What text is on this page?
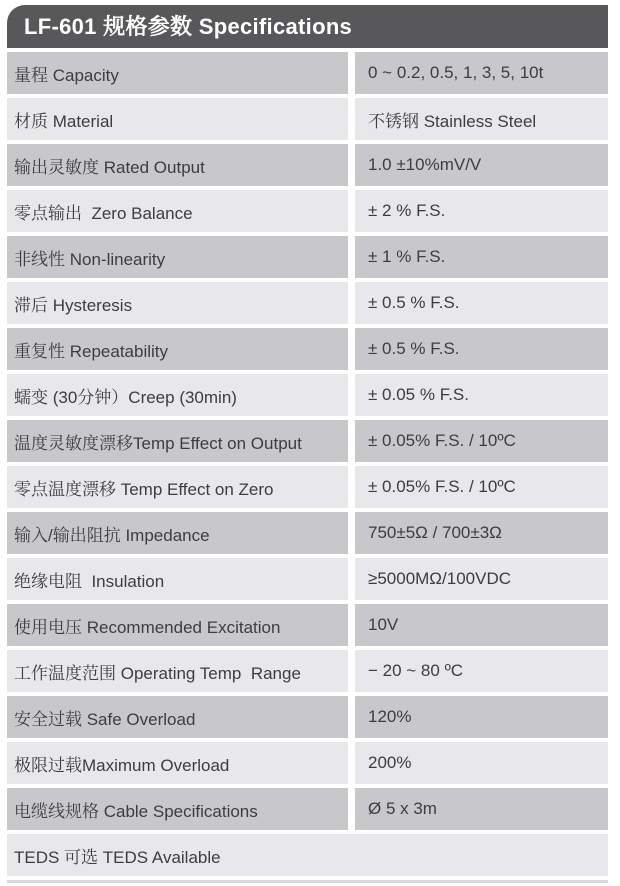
LF-601 规格参数 Specifications
量程 Capacity	0 ~ 0.2, 0.5, 1, 3, 5, 10t
材质 Material	不锈钢 Stainless Steel
输出灵敏度 Rated Output	1.0 ±10%mV/V
零点输出  Zero Balance	± 2 % F.S.
非线性 Non-linearity	± 1 % F.S.
滞后 Hysteresis	± 0.5 % F.S.
重复性 Repeatability	± 0.5 % F.S.
蠕变 (30分钟）Creep (30min)	± 0.05 % F.S.
温度灵敏度漂移Temp Effect on Output	± 0.05% F.S. / 10ºC
零点温度漂移 Temp Effect on Zero	± 0.05% F.S. / 10ºC
输入/输出阻抗 Impedance	750±5Ω / 700±3Ω
绝缘电阻  Insulation	≥5000MΩ/100VDC
使用电压 Recommended Excitation	10V
工作温度范围 Operating Temp  Range	− 20 ~ 80 ºC
安全过载 Safe Overload	120%
极限过载Maximum Overload	200%
电缆线规格 Cable Specifications	Ø 5 x 3m
TEDS 可选 TEDS Available
